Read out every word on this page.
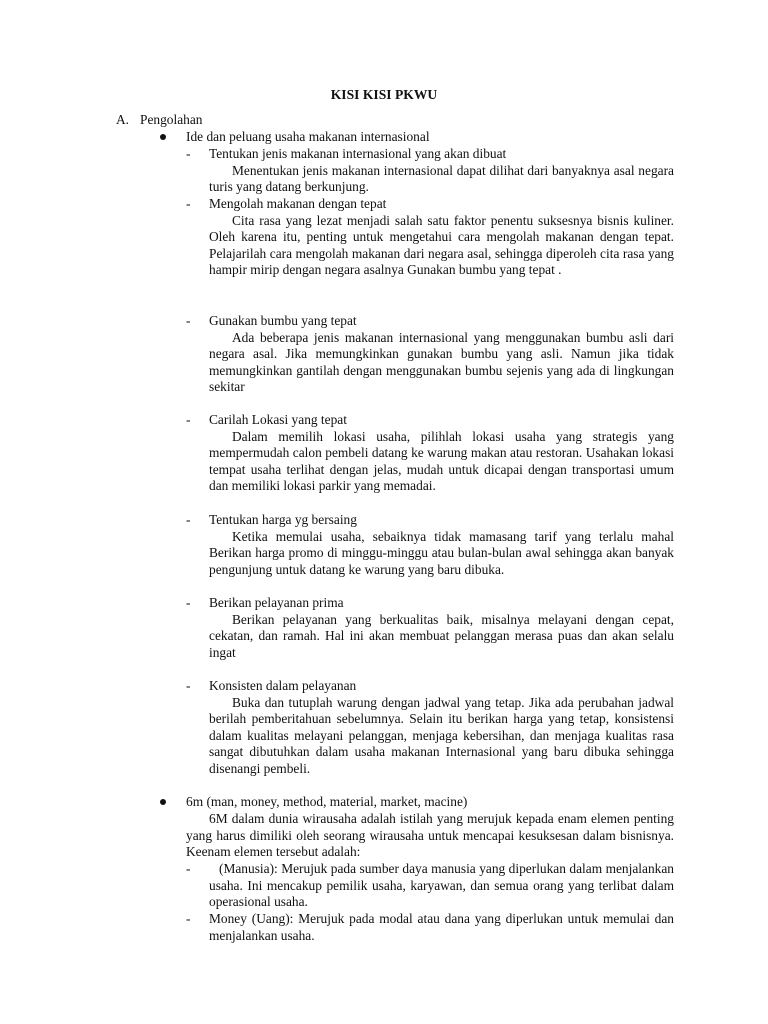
KISI KISI PKWU
A. Pengolahan
Ide dan peluang usaha makanan internasional
- Tentukan jenis makanan internasional yang akan dibuat
Menentukan jenis makanan internasional dapat dilihat dari banyaknya asal negara turis yang datang berkunjung.
- Mengolah makanan dengan tepat
Cita rasa yang lezat menjadi salah satu faktor penentu suksesnya bisnis kuliner. Oleh karena itu, penting untuk mengetahui cara mengolah makanan dengan tepat. Pelajarilah cara mengolah makanan dari negara asal, sehingga diperoleh cita rasa yang hampir mirip dengan negara asalnya Gunakan bumbu yang tepat .
- Gunakan bumbu yang tepat
Ada beberapa jenis makanan internasional yang menggunakan bumbu asli dari negara asal. Jika memungkinkan gunakan bumbu yang asli. Namun jika tidak memungkinkan gantilah dengan menggunakan bumbu sejenis yang ada di lingkungan sekitar
- Carilah Lokasi yang tepat
Dalam memilih lokasi usaha, pilihlah lokasi usaha yang strategis yang mempermudah calon pembeli datang ke warung makan atau restoran. Usahakan lokasi tempat usaha terlihat dengan jelas, mudah untuk dicapai dengan transportasi umum dan memiliki lokasi parkir yang memadai.
- Tentukan harga yg bersaing
Ketika memulai usaha, sebaiknya tidak mamasang tarif yang terlalu mahal Berikan harga promo di minggu-minggu atau bulan-bulan awal sehingga akan banyak pengunjung untuk datang ke warung yang baru dibuka.
- Berikan pelayanan prima
Berikan pelayanan yang berkualitas baik, misalnya melayani dengan cepat, cekatan, dan ramah. Hal ini akan membuat pelanggan merasa puas dan akan selalu ingat
- Konsisten dalam pelayanan
Buka dan tutuplah warung dengan jadwal yang tetap. Jika ada perubahan jadwal berilah pemberitahuan sebelumnya. Selain itu berikan harga yang tetap, konsistensi dalam kualitas melayani pelanggan, menjaga kebersihan, dan menjaga kualitas rasa sangat dibutuhkan dalam usaha makanan Internasional yang baru dibuka sehingga disenangi pembeli.
6m (man, money, method, material, market, macine)
6M dalam dunia wirausaha adalah istilah yang merujuk kepada enam elemen penting yang harus dimiliki oleh seorang wirausaha untuk mencapai kesuksesan dalam bisnisnya. Keenam elemen tersebut adalah:
-	(Manusia): Merujuk pada sumber daya manusia yang diperlukan dalam menjalankan usaha. Ini mencakup pemilik usaha, karyawan, dan semua orang yang terlibat dalam operasional usaha.
- Money (Uang): Merujuk pada modal atau dana yang diperlukan untuk memulai dan menjalankan usaha.
